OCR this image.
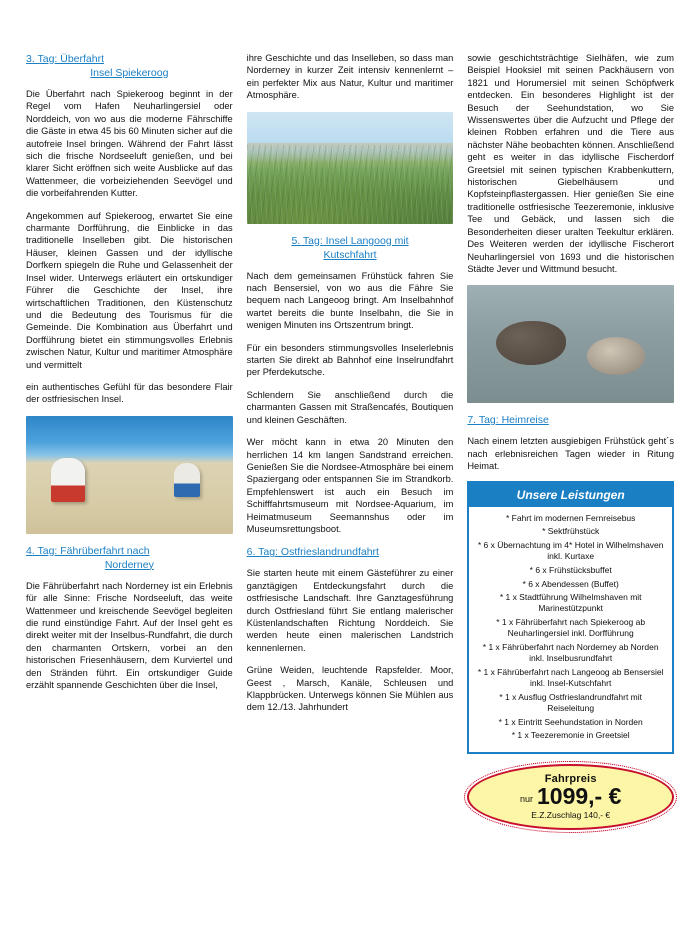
3. Tag: Überfahrt
Insel Spiekeroog

Die Überfahrt nach Spiekeroog beginnt in der Regel vom Hafen Neuharlingersiel oder Norddeich, von wo aus die moderne Fährschiffe die Gäste in etwa 45 bis 60 Minuten sicher auf die autofreie Insel bringen. Während der Fahrt lässt sich die frische Nordseeluft genießen, und bei klarer Sicht eröffnen sich weite Ausblicke auf das Wattenmeer, die vorbeiziehenden Seevögel und die vorbeifahrenden Kutter.

Angekommen auf Spiekeroog, erwartet Sie eine charmante Dorfführung, die Einblicke in das traditionelle Inselleben gibt. Die historischen Häuser, kleinen Gassen und der idyllische Dorfkern spiegeln die Ruhe und Gelassenheit der Insel wider. Unterwegs erläutert ein ortskundiger Führer die Geschichte der Insel, ihre wirtschaftlichen Traditionen, den Küstenschutz und die Bedeutung des Tourismus für die Gemeinde. Die Kombination aus Überfahrt und Dorfführung bietet ein stimmungsvolles Erlebnis zwischen Natur, Kultur und maritimer Atmosphäre und vermittelt

ein authentisches Gefühl für das besondere Flair der ostfriesischen Insel.

4. Tag: Fährüberfahrt nach
Norderney

Die Fährüberfahrt nach Norderney ist ein Erlebnis für alle Sinne: Frische Nordseeluft, das weite Wattenmeer und kreischende Seevögel begleiten die rund einstündige Fahrt. Auf der Insel geht es direkt weiter mit der Inselbus-Rundfahrt, die durch den charmanten Ortskern, vorbei an den historischen Friesenhäusern, dem Kurviertel und den Stränden führt. Ein ortskundiger Guide erzählt spannende Geschichten über die Insel,

ihre Geschichte und das Inselleben, so dass man Norderney in kurzer Zeit intensiv kennenlernt – ein perfekter Mix aus Natur, Kultur und maritimer Atmosphäre.

5. Tag: Insel Langoog mit
Kutschfahrt

Nach dem gemeinsamen Frühstück fahren Sie nach Bensersiel, von wo aus die Fähre Sie bequem nach Langeoog bringt. Am Inselbahnhof wartet bereits die bunte Inselbahn, die Sie in wenigen Minuten ins Ortszentrum bringt.

Für ein besonders stimmungsvolles Inselerlebnis starten Sie direkt ab Bahnhof eine Inselrundfahrt per Pferdekutsche.

Schlendern Sie anschließend durch die charmanten Gassen mit Straßencafés, Boutiquen und kleinen Geschäften.

Wer möcht kann in etwa 20 Minuten den herrlichen 14 km langen Sandstrand erreichen. Genießen Sie die Nordsee-Atmosphäre bei einem Spaziergang oder entspannen Sie im Strandkorb. Empfehlenswert ist auch ein Besuch im Schifffahrtsmuseum mit Nordsee-Aquarium, im Heimatmuseum Seemannshus oder im Museumsrettungsboot.

6. Tag: Ostfrieslandrundfahrt

Sie starten heute mit einem Gästeführer zu einer ganztägigen Entdeckungsfahrt durch die ostfriesische Landschaft. Ihre Ganztagesführung durch Ostfriesland führt Sie entlang malerischer Küstenlandschaften Richtung Norddeich. Sie werden heute einen malerischen Landstrich kennenlernen.

Grüne Weiden, leuchtende Rapsfelder. Moor, Geest , Marsch, Kanäle, Schleusen und Klappbrücken. Unterwegs können Sie Mühlen aus dem 12./13. Jahrhundert

sowie geschichtsträchtige Sielhäfen, wie zum Beispiel Hooksiel mit seinen Packhäusern von 1821 und Horumersiel mit seinen Schöpfwerk entdecken. Ein besonderes Highlight ist der Besuch der Seehundstation, wo Sie Wissenswertes über die Aufzucht und Pflege der kleinen Robben erfahren und die Tiere aus nächster Nähe beobachten können. Anschließend geht es weiter in das idyllische Fischerdorf Greetsiel mit seinen typischen Krabbenkuttern, historischen Giebelhäusern und Kopfsteinpflastergassen. Hier genießen Sie eine traditionelle ostfriesische Teezeremonie, inklusive Tee und Gebäck, und lassen sich die Besonderheiten dieser uralten Teekultur erklären. Des Weiteren werden der idyllische Fischerort Neuharlingersiel von 1693 und die historischen Städte Jever und Wittmund besucht.

7. Tag: Heimreise

Nach einem letzten ausgiebigen Frühstück geht´s nach erlebnisreichen Tagen wieder in Ritung Heimat.

Unsere Leistungen
* Fahrt im modernen Fernreisebus
* Sektfrühstück
* 6 x Übernachtung im 4* Hotel in Wilhelmshaven inkl. Kurtaxe
* 6 x Frühstücksbuffet
* 6 x Abendessen (Buffet)
* 1 x Stadtführung Wilhelmshaven mit Marinestützpunkt
* 1 x Fährüberfahrt nach Spiekeroog ab Neuharlingersiel inkl. Dorfführung
* 1 x Fährüberfahrt nach Norderney ab Norden inkl. Inselbusrundfahrt
* 1 x Fährüberfahrt nach Langeoog ab Bensersiel inkl. Insel-Kutschfahrt
* 1 x Ausflug Ostfrieslandrundfahrt mit Reiseleitung
* 1 x Eintritt Seehundstation in Norden
* 1 x Teezeremonie in Greetsiel
Fahrpreis
nur 1099,- €
E.Z.Zuschlag 140,- €
